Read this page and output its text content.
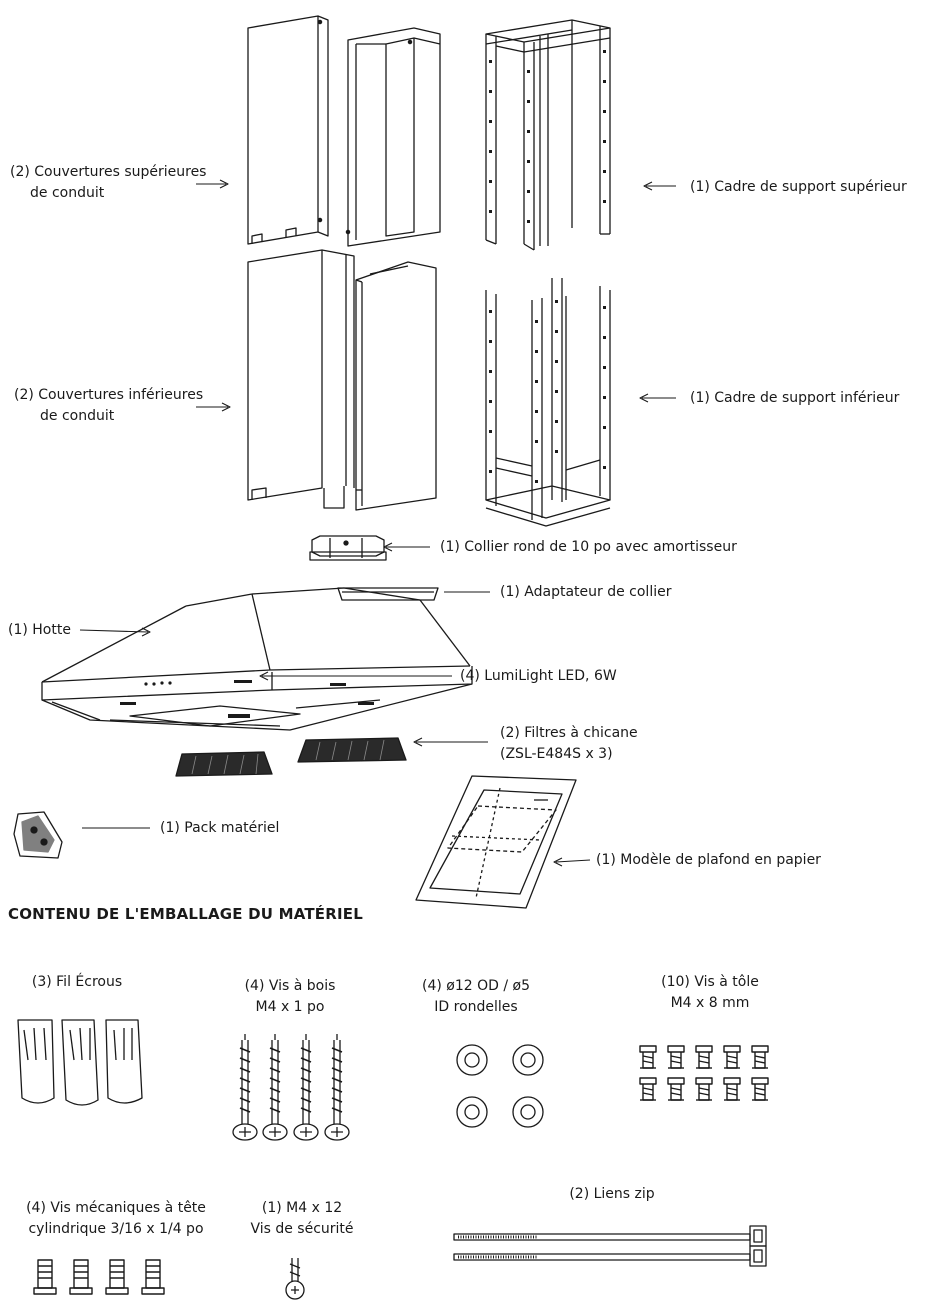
(2) Couvertures supérieures
de conduit	(1) Cadre de support supérieur
(2) Couvertures inférieures
de conduit
(1) Cadre de support inférieur
(1) Collier rond de 10 po avec amortisseur
(1) Adaptateur de collier
(1) Hotte
(4) LumiLight LED, 6W
(2) Filtres à chicane
(ZSL-E484S x 3)
(1) Pack matériel
(1) Modèle de plafond en papier
CONTENU DE L'EMBALLAGE DU MATÉRIEL
(3) Fil Écrous	(4) Vis à bois
M4 x 1 po
(4) ø12 OD / ø5
ID rondelles
(10) Vis à tôle
M4 x 8 mm
(4) Vis mécaniques à tête
cylindrique 3/16 x 1/4 po
(1) M4 x 12
Vis de sécurité
(2) Liens zip
